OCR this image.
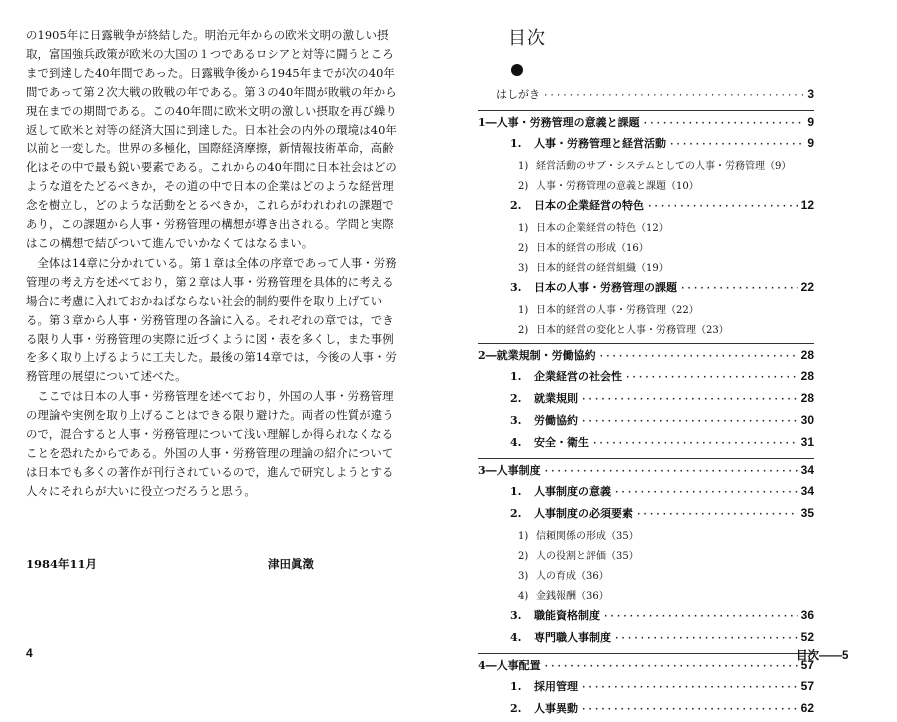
の1905年に日露戦争が終結した。明治元年からの欧米文明の激しい摂取，富国強兵政策が欧米の大国の１つであるロシアと対等に闘うところまで到達した40年間であった。日露戦争後から1945年までが次の40年間であって第２次大戦の敗戦の年である。第３の40年間が敗戦の年から現在までの期間である。この40年間に欧米文明の激しい摂取を再び繰り返して欧米と対等の経済大国に到達した。日本社会の内外の環境は40年以前と一変した。世界の多極化，国際経済摩擦，新情報技術革命，高齢化はその中で最も鋭い要素である。これからの40年間に日本社会はどのような道をたどるべきか，その道の中で日本の企業はどのような経営理念を樹立し，どのような活動をとるべきか，これらがわれわれの課題であり，この課題から人事・労務管理の構想が導き出される。学問と実際はこの構想で結びついて進んでいかなくてはなるまい。

全体は14章に分かれている。第１章は全体の序章であって人事・労務管理の考え方を述べており，第２章は人事・労務管理を具体的に考える場合に考慮に入れておかねばならない社会的制約要件を取り上げている。第３章から人事・労務管理の各論に入る。それぞれの章では，できる限り人事・労務管理の実際に近づくように図・表を多くし，また事例を多く取り上げるように工夫した。最後の第14章では，今後の人事・労務管理の展望について述べた。

ここでは日本の人事・労務管理を述べており，外国の人事・労務管理の理論や実例を取り上げることはできる限り避けた。両者の性質が違うので，混合すると人事・労務管理について浅い理解しか得られなくなることを恐れたからである。外国の人事・労務管理の理論の紹介については日本でも多くの著作が刊行されているので，進んで研究しようとする人々にそれらが大いに役立つだろうと思う。

1984年11月	津田眞澂
4
目次
はしがき ·····	3
1―人事・労務管理の意義と課題 ·····	9
1. 人事・労務管理と経営活動 ·····	9
1) 経営活動のサブ・システムとしての人事・労務管理（9）
2) 人事・労務管理の意義と課題（10）
2. 日本の企業経営の特色 ·····	12
1) 日本の企業経営の特色（12）
2) 日本的経営の形成（16）
3) 日本的経営の経営組織（19）
3. 日本の人事・労務管理の課題 ·····	22
1) 日本的経営の人事・労務管理（22）
2) 日本的経営の変化と人事・労務管理（23）
2―就業規制・労働協約 ·····	28
1. 企業経営の社会性 ·····	28
2. 就業規則 ·····	28
3. 労働協約 ·····	30
4. 安全・衛生 ·····	31
3―人事制度 ·····	34
1. 人事制度の意義 ·····	34
2. 人事制度の必須要素 ·····	35
1) 信頼関係の形成（35）
2) 人の役割と評価（35）
3) 人の育成（36）
4) 金銭報酬（36）
3. 職能資格制度 ·····	36
4. 専門職人事制度 ·····	52
4―人事配置 ·····	57
1. 採用管理 ·····	57
2. 人事異動 ·····	62
目次――5
